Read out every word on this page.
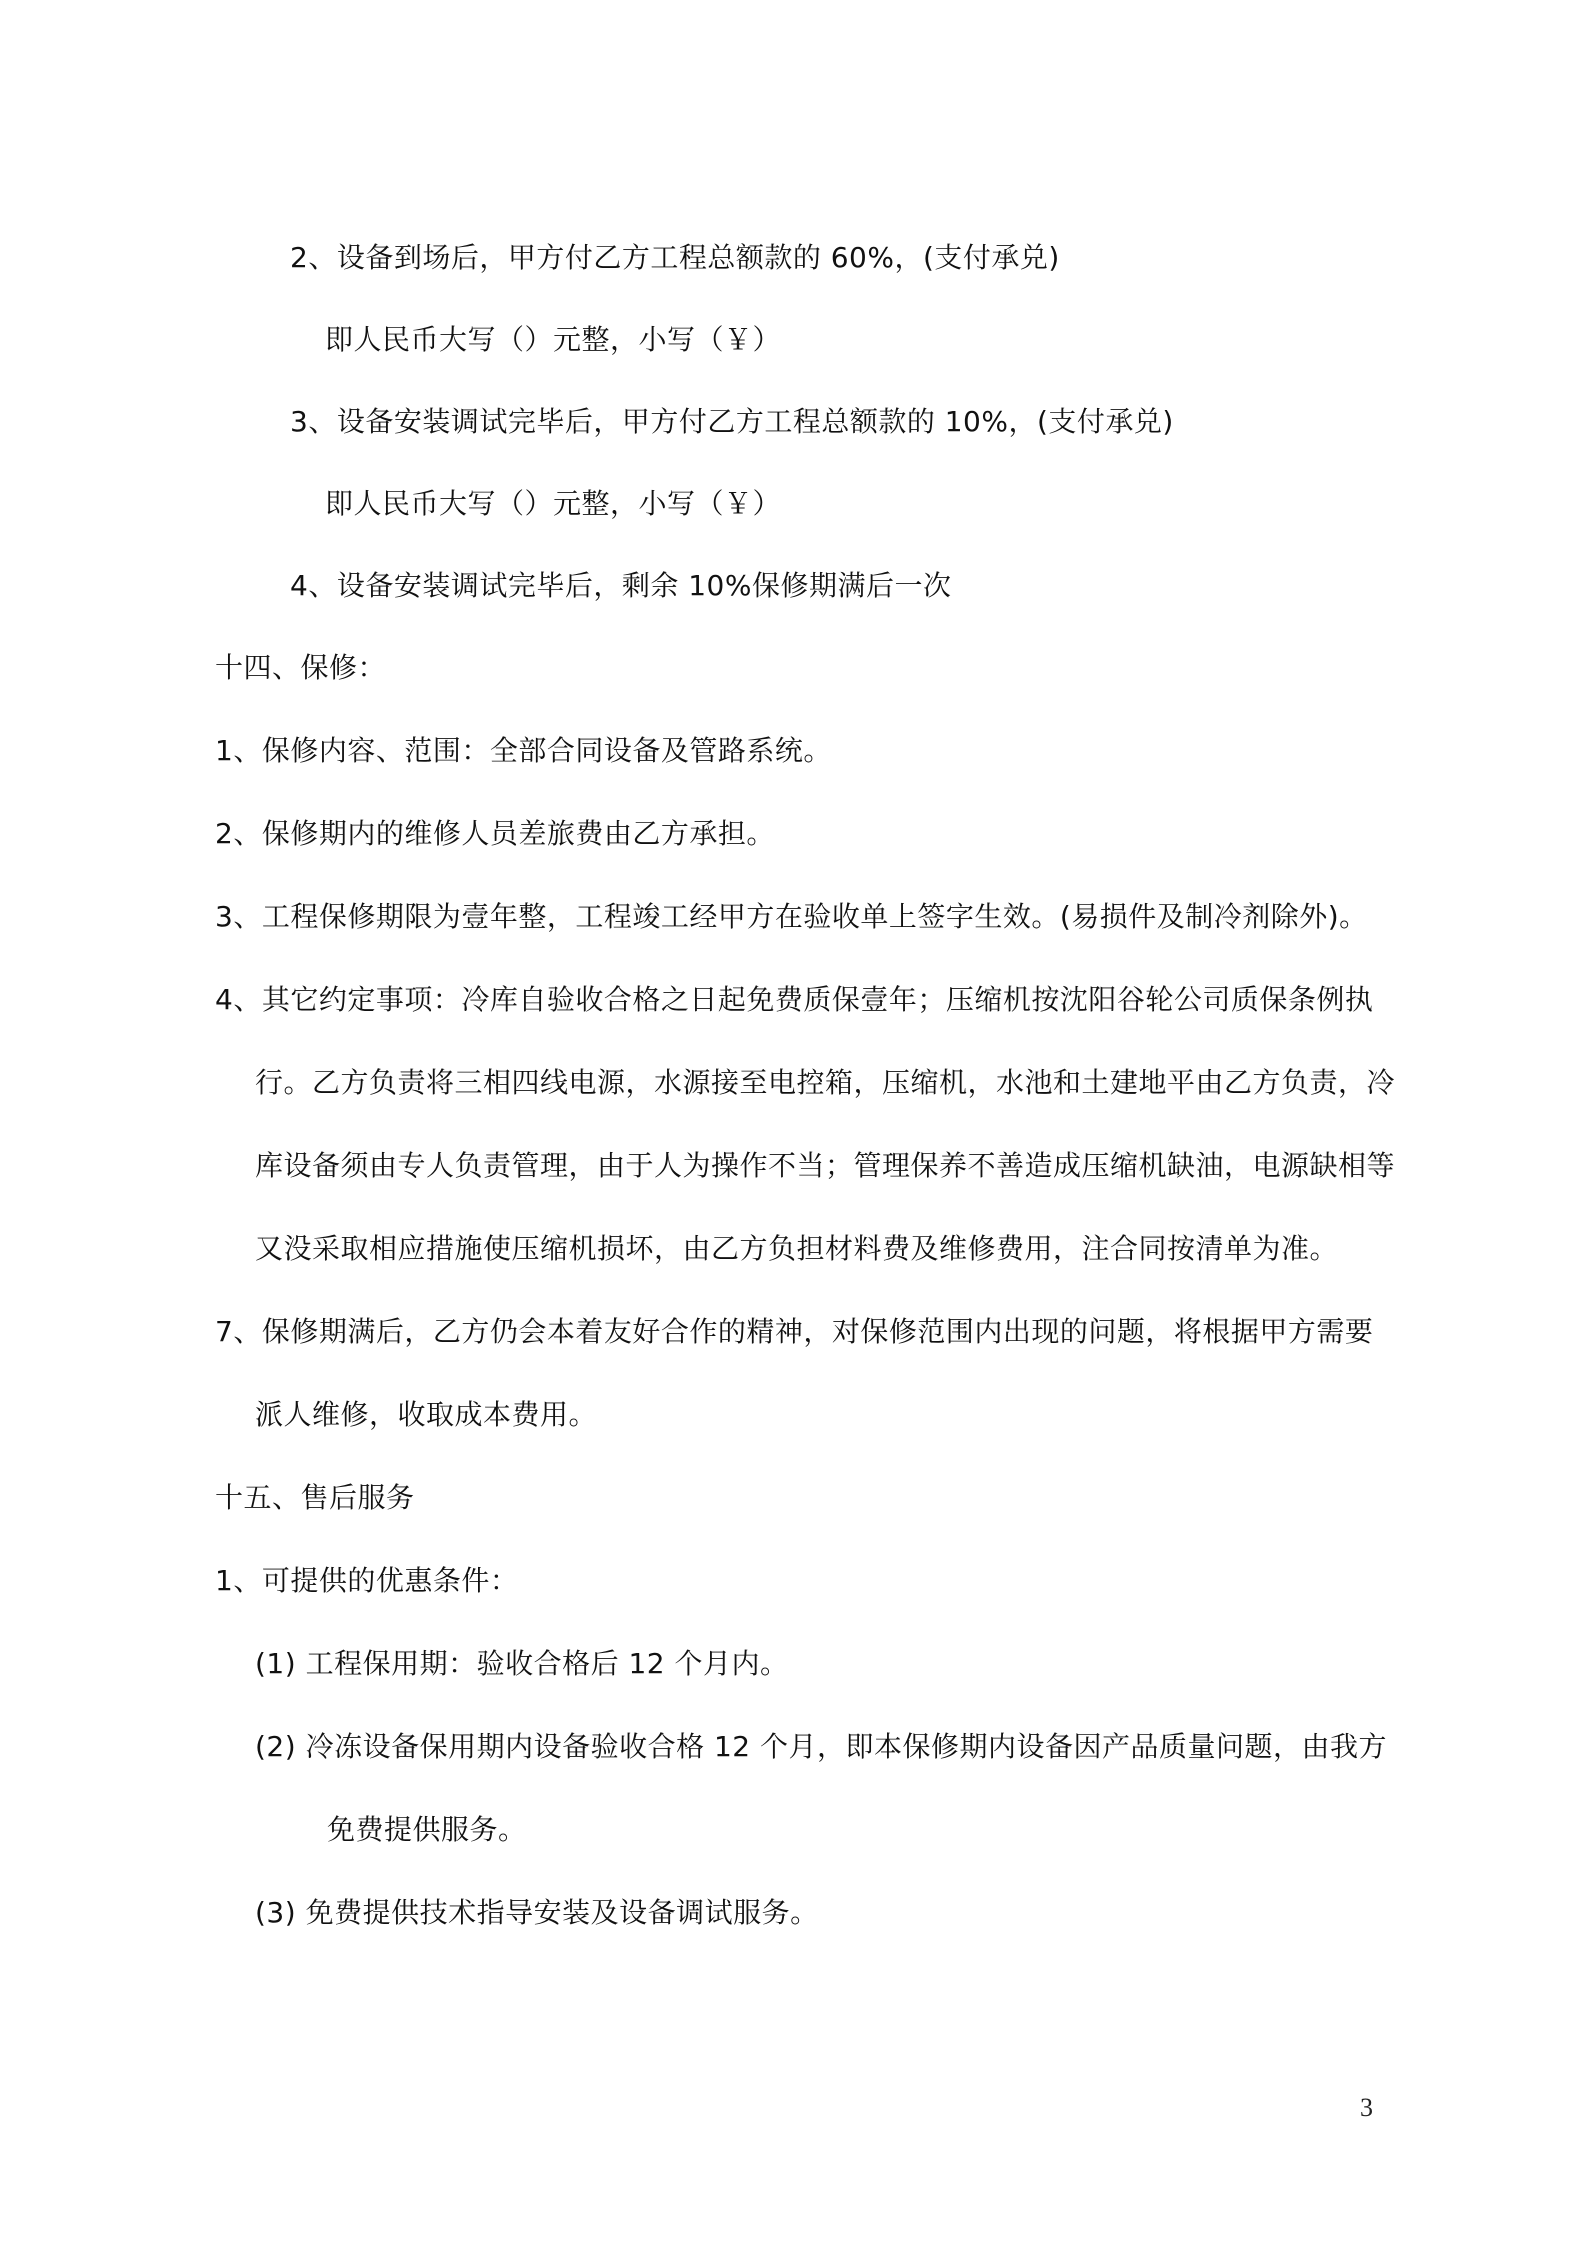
2、设备到场后，甲方付乙方工程总额款的 60%，(支付承兑)
即人民币大写（）元整，小写（￥）
3、设备安装调试完毕后，甲方付乙方工程总额款的 10%，(支付承兑)
即人民币大写（）元整，小写（￥）
4、设备安装调试完毕后，剩余 10%保修期满后一次
十四、保修：
1、保修内容、范围：全部合同设备及管路系统。
2、保修期内的维修人员差旅费由乙方承担。
3、工程保修期限为壹年整，工程竣工经甲方在验收单上签字生效。(易损件及制冷剂除外)。
4、其它约定事项：冷库自验收合格之日起免费质保壹年；压缩机按沈阳谷轮公司质保条例执
行。乙方负责将三相四线电源，水源接至电控箱，压缩机，水池和土建地平由乙方负责，冷
库设备须由专人负责管理，由于人为操作不当；管理保养不善造成压缩机缺油，电源缺相等
又没采取相应措施使压缩机损坏，由乙方负担材料费及维修费用，注合同按清单为准。
7、保修期满后，乙方仍会本着友好合作的精神，对保修范围内出现的问题，将根据甲方需要
派人维修，收取成本费用。
十五、售后服务
1、可提供的优惠条件：
(1) 工程保用期：验收合格后 12 个月内。
(2) 冷冻设备保用期内设备验收合格 12 个月，即本保修期内设备因产品质量问题，由我方
免费提供服务。
(3) 免费提供技术指导安装及设备调试服务。
3
